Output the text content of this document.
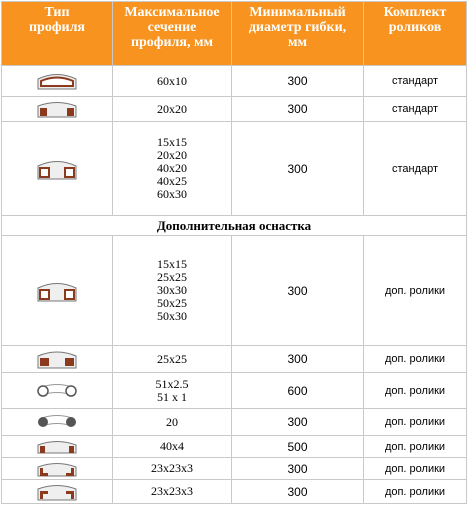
Тип
профиля	Максимальное
сечение
профиля, мм	Минимальный
диаметр гибки,
мм	Комплект
роликов

60x10	300	стандарт

20x20	300	стандарт

15x15
20x20
40x20
40x25
60x30	300	стандарт
Дополнительная оснастка			

15x15
25x25
30x30
50x25
50x30	300	доп. ролики

25x25	300	доп. ролики

51x2.5
51 x 1	600	доп. ролики

20	300	доп. ролики

40x4	500	доп. ролики

23x23x3	300	доп. ролики

23x23x3	300	доп. ролики
